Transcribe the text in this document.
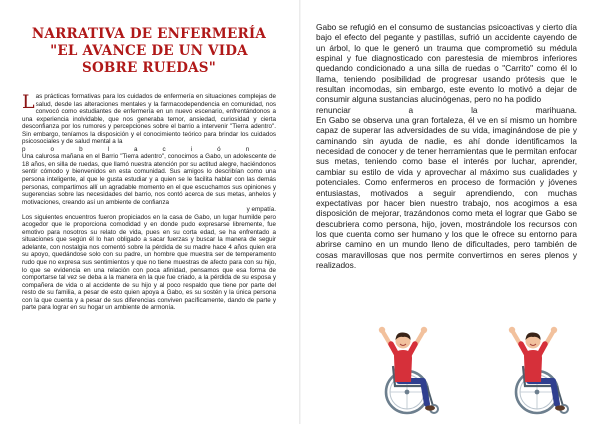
NARRATIVA DE ENFERMERÍA
"EL AVANCE DE UN VIDA
SOBRE RUEDAS"

Las prácticas formativas para los cuidados de enfermería en situaciones complejas de salud, desde las alteraciones mentales y la farmacodependencia en comunidad, nos convocó como estudiantes de enfermería en un nuevo escenario, enfrentándonos a una experiencia inolvidable, que nos generaba temor, ansiedad, curiosidad y cierta desconfianza por los rumores y percepciones sobre el barrio a intervenir "Tierra adentro". Sin embargo, teníamos la disposición y el conocimiento teórico para brindar los cuidados psicosociales y de salud mental a la

p o b l a c i ó n .

Una calurosa mañana en el Barrio "Tierra adentro", conocimos a Gabo, un adolescente de 18 años, en silla de ruedas, que llamó nuestra atención por su actitud alegre, haciéndonos sentir cómodo y bienvenidos en esta comunidad. Sus amigos lo describían como una persona inteligente, al que le gusta estudiar y a quien se le facilita hablar con las demás personas, compartimos allí un agradable momento en el que escuchamos sus opiniones y sugerencias sobre las necesidades del barrio, nos contó acerca de sus metas, anhelos y motivaciones, creando así un ambiente de confianza

y empatía.

Los siguientes encuentros fueron propiciados en la casa de Gabo, un lugar humilde pero acogedor que le proporciona comodidad y en donde pudo expresarse libremente, fue emotivo para nosotros su relato de vida, pues en su corta edad, se ha enfrentado a situaciones que según él lo han obligado a sacar fuerzas y buscar la manera de seguir adelante, con nostalgia nos comentó sobre la pérdida de su madre hace 4 años quien era su apoyo, quedándose solo con su padre, un hombre que muestra ser de temperamento rudo que no expresa sus sentimientos y que no tiene muestras de afecto para con su hijo, lo que se evidencia en una relación con poca afinidad, pensamos que esa forma de comportarse tal vez se deba a la manera en la que fue criado, a la pérdida de su esposa y compañera de vida o al accidente de su hijo y al poco respaldo que tiene por parte del resto de su familia, a pesar de esto quien apoya a Gabo, es su sostén y la única persona con la que cuenta y a pesar de sus diferencias conviven pacíficamente, dando de parte y parte para lograr en su hogar un ambiente de armonía.

Gabo se refugió en el consumo de sustancias psicoactivas y cierto día bajo el efecto del pegante y pastillas, sufrió un accidente cayendo de un árbol, lo que le generó un trauma que comprometió su médula espinal y fue diagnosticado con parestesia de miembros inferiores quedando condicionado a una silla de ruedas o "Carrito" como él lo llama, teniendo posibilidad de progresar usando prótesis que le resultan incomodas, sin embargo, este evento lo motivó a dejar de consumir alguna sustancias alucinógenas, pero no ha podido

renunciar a la marihuana.

En Gabo se observa una gran fortaleza, él ve en sí mismo un hombre capaz de superar las adversidades de su vida, imaginándose de pie y caminando sin ayuda de nadie, es ahí donde identificamos la necesidad de conocer y de tener herramientas que le permitan enfocar sus metas, teniendo como base el interés por luchar, aprender, cambiar su estilo de vida y aprovechar al máximo sus cualidades y potenciales. Como enfermeros en proceso de formación y jóvenes entusiastas, motivados a seguir aprendiendo, con muchas expectativas por hacer bien nuestro trabajo, nos acogimos a esa disposición de mejorar, trazándonos como meta el lograr que Gabo se descubriera como persona, hijo, joven, mostrándole los recursos con los que cuenta como ser humano y los que le ofrece su entorno para abrirse camino en un mundo lleno de dificultades, pero también de cosas maravillosas que nos permite convertirnos en seres plenos y realizados.
